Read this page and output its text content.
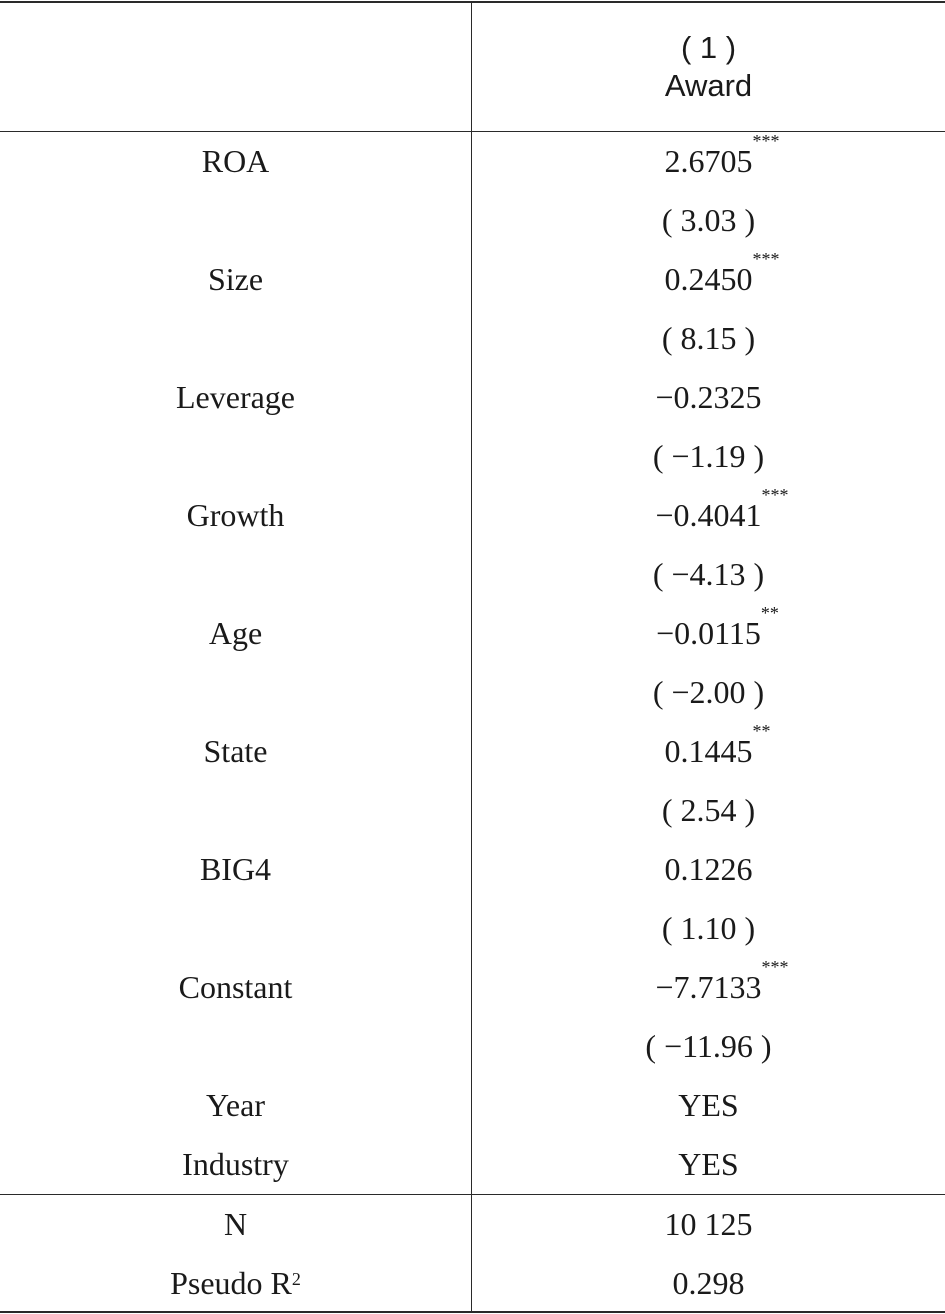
( 1 )
Award
ROA	2.6705
***
( 3.03 )
Size	0.2450
***
( 8.15 )
Leverage	−0.2325
( −1.19 )
Growth	−0.4041
***
( −4.13 )
Age	−0.0115
**
( −2.00 )
State	0.1445
**
( 2.54 )
BIG4	0.1226
( 1.10 )
Constant	−7.7133
***
( −11.96 )
Year	YES
Industry	YES
N	10 125
Pseudo $R^2$	0.298
